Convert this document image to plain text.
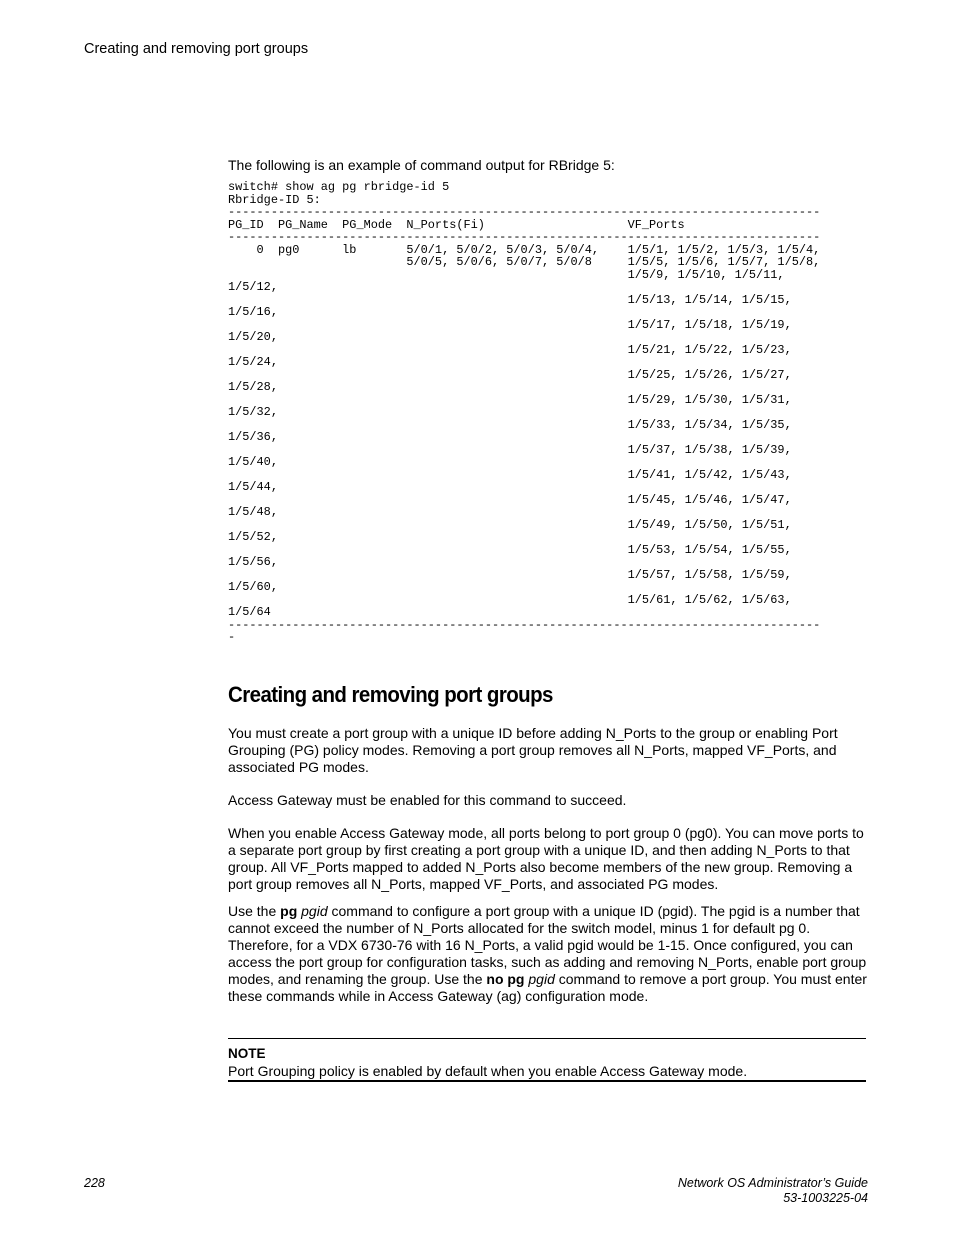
Creating and removing port groups
The following is an example of command output for RBridge 5:
switch# show ag pg rbridge-id 5
Rbridge-ID 5:
-----------------------------------------------------------------------------------
PG_ID  PG_Name  PG_Mode  N_Ports(Fi)                    VF_Ports
-----------------------------------------------------------------------------------
0  pg0      lb       5/0/1, 5/0/2, 5/0/3, 5/0/4,    1/5/1, 1/5/2, 1/5/3, 1/5/4,
5/0/5, 5/0/6, 5/0/7, 5/0/8     1/5/5, 1/5/6, 1/5/7, 1/5/8,
1/5/9, 1/5/10, 1/5/11,
1/5/12,
1/5/13, 1/5/14, 1/5/15,
1/5/16,
1/5/17, 1/5/18, 1/5/19,
1/5/20,
1/5/21, 1/5/22, 1/5/23,
1/5/24,
1/5/25, 1/5/26, 1/5/27,
1/5/28,
1/5/29, 1/5/30, 1/5/31,
1/5/32,
1/5/33, 1/5/34, 1/5/35,
1/5/36,
1/5/37, 1/5/38, 1/5/39,
1/5/40,
1/5/41, 1/5/42, 1/5/43,
1/5/44,
1/5/45, 1/5/46, 1/5/47,
1/5/48,
1/5/49, 1/5/50, 1/5/51,
1/5/52,
1/5/53, 1/5/54, 1/5/55,
1/5/56,
1/5/57, 1/5/58, 1/5/59,
1/5/60,
1/5/61, 1/5/62, 1/5/63,
1/5/64
-----------------------------------------------------------------------------------
-
Creating and removing port groups

You must create a port group with a unique ID before adding N_Ports to the group or enabling Port Grouping (PG) policy modes. Removing a port group removes all N_Ports, mapped VF_Ports, and associated PG modes.

Access Gateway must be enabled for this command to succeed.

When you enable Access Gateway mode, all ports belong to port group 0 (pg0). You can move ports to a separate port group by first creating a port group with a unique ID, and then adding N_Ports to that group. All VF_Ports mapped to added N_Ports also become members of the new group. Removing a port group removes all N_Ports, mapped VF_Ports, and associated PG modes.

Use the pg pgid command to configure a port group with a unique ID (pgid). The pgid is a number that cannot exceed the number of N_Ports allocated for the switch model, minus 1 for default pg 0. Therefore, for a VDX 6730-76 with 16 N_Ports, a valid pgid would be 1-15. Once configured, you can access the port group for configuration tasks, such as adding and removing N_Ports, enable port group modes, and renaming the group. Use the no pg pgid command to remove a port group. You must enter these commands while in Access Gateway (ag) configuration mode.

NOTE
Port Grouping policy is enabled by default when you enable Access Gateway mode.
228	Network OS Administrator’s Guide
53-1003225-04
